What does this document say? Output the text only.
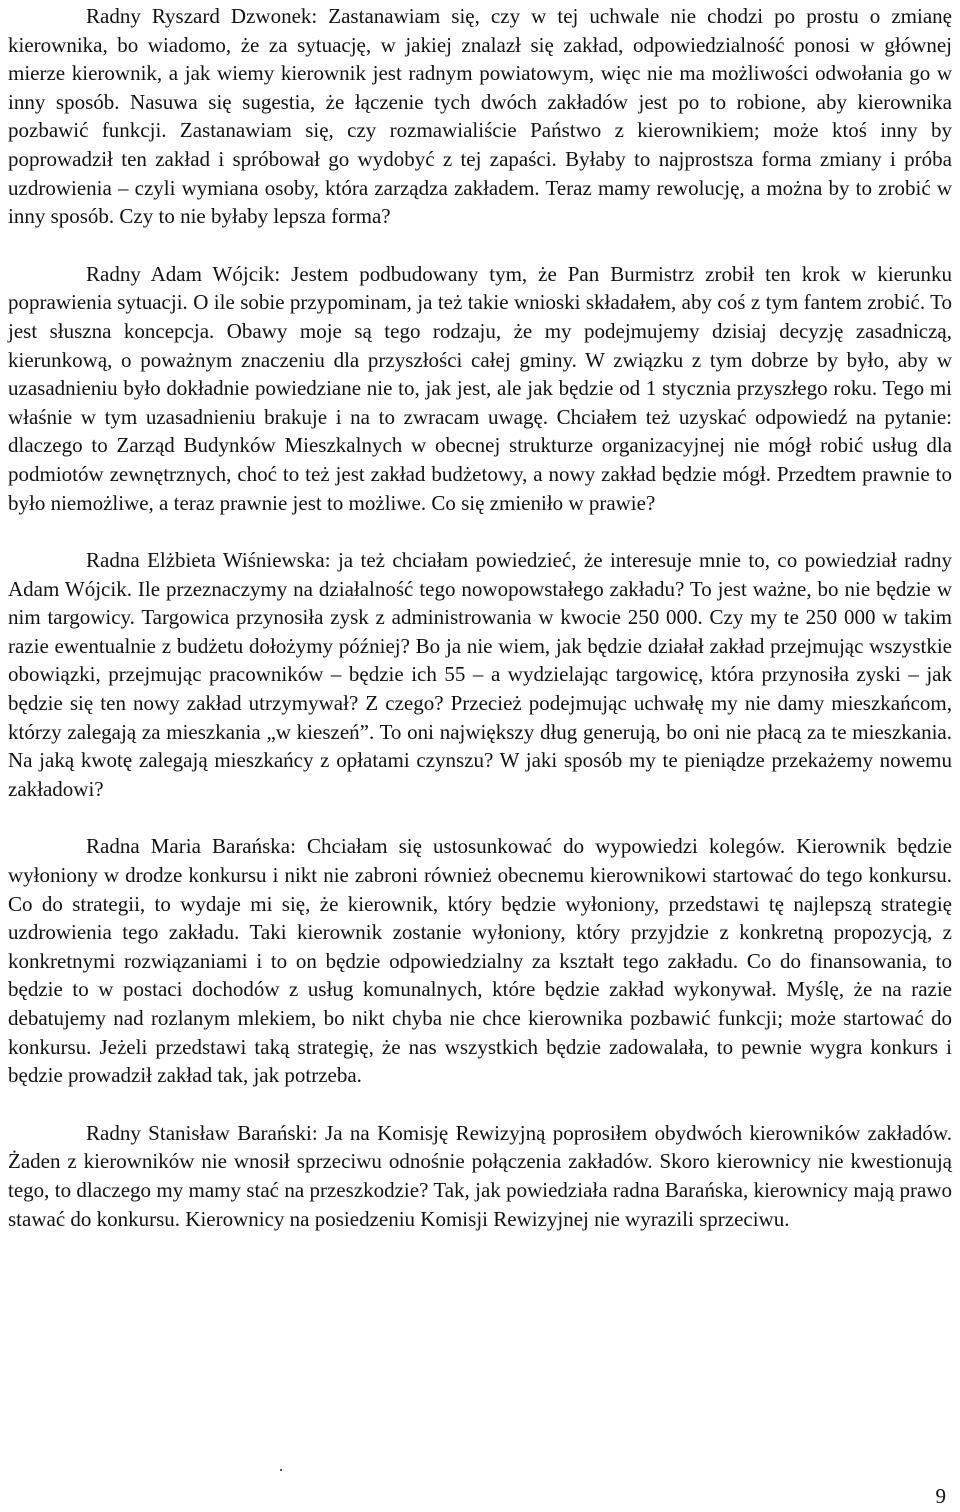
Radny Ryszard Dzwonek: Zastanawiam się, czy w tej uchwale nie chodzi po prostu o zmianę kierownika, bo wiadomo, że za sytuację, w jakiej znalazł się zakład, odpowiedzialność ponosi w głównej mierze kierownik, a jak wiemy kierownik jest radnym powiatowym, więc nie ma możliwości odwołania go w inny sposób. Nasuwa się sugestia, że łączenie tych dwóch zakładów jest po to robione, aby kierownika pozbawić funkcji. Zastanawiam się, czy rozmawialiście Państwo z kierownikiem; może ktoś inny by poprowadził ten zakład i spróbował go wydobyć z tej zapaści. Byłaby to najprostsza forma zmiany i próba uzdrowienia – czyli wymiana osoby, która zarządza zakładem. Teraz mamy rewolucję, a można by to zrobić w inny sposób. Czy to nie byłaby lepsza forma?

Radny Adam Wójcik: Jestem podbudowany tym, że Pan Burmistrz zrobił ten krok w kierunku poprawienia sytuacji. O ile sobie przypominam, ja też takie wnioski składałem, aby coś z tym fantem zrobić. To jest słuszna koncepcja. Obawy moje są tego rodzaju, że my podejmujemy dzisiaj decyzję zasadniczą, kierunkową, o poważnym znaczeniu dla przyszłości całej gminy. W związku z tym dobrze by było, aby w uzasadnieniu było dokładnie powiedziane nie to, jak jest, ale jak będzie od 1 stycznia przyszłego roku. Tego mi właśnie w tym uzasadnieniu brakuje i na to zwracam uwagę. Chciałem też uzyskać odpowiedź na pytanie: dlaczego to Zarząd Budynków Mieszkalnych w obecnej strukturze organizacyjnej nie mógł robić usług dla podmiotów zewnętrznych, choć to też jest zakład budżetowy, a nowy zakład będzie mógł. Przedtem prawnie to było niemożliwe, a teraz prawnie jest to możliwe. Co się zmieniło w prawie?

Radna Elżbieta Wiśniewska: ja też chciałam powiedzieć, że interesuje mnie to, co powiedział radny Adam Wójcik. Ile przeznaczymy na działalność tego nowopowstałego zakładu? To jest ważne, bo nie będzie w nim targowicy. Targowica przynosiła zysk z administrowania w kwocie 250 000. Czy my te 250 000 w takim razie ewentualnie z budżetu dołożymy później? Bo ja nie wiem, jak będzie działał zakład przejmując wszystkie obowiązki, przejmując pracowników – będzie ich 55 – a wydzielając targowicę, która przynosiła zyski – jak będzie się ten nowy zakład utrzymywał? Z czego? Przecież podejmując uchwałę my nie damy mieszkańcom, którzy zalegają za mieszkania „w kieszeń”. To oni największy dług generują, bo oni nie płacą za te mieszkania. Na jaką kwotę zalegają mieszkańcy z opłatami czynszu? W jaki sposób my te pieniądze przekażemy nowemu zakładowi?

Radna Maria Barańska: Chciałam się ustosunkować do wypowiedzi kolegów. Kierownik będzie wyłoniony w drodze konkursu i nikt nie zabroni również obecnemu kierownikowi startować do tego konkursu. Co do strategii, to wydaje mi się, że kierownik, który będzie wyłoniony, przedstawi tę najlepszą strategię uzdrowienia tego zakładu. Taki kierownik zostanie wyłoniony, który przyjdzie z konkretną propozycją, z konkretnymi rozwiązaniami i to on będzie odpowiedzialny za kształt tego zakładu. Co do finansowania, to będzie to w postaci dochodów z usług komunalnych, które będzie zakład wykonywał. Myślę, że na razie debatujemy nad rozlanym mlekiem, bo nikt chyba nie chce kierownika pozbawić funkcji; może startować do konkursu. Jeżeli przedstawi taką strategię, że nas wszystkich będzie zadowalała, to pewnie wygra konkurs i będzie prowadził zakład tak, jak potrzeba.

Radny Stanisław Barański: Ja na Komisję Rewizyjną poprosiłem obydwóch kierowników zakładów. Żaden z kierowników nie wnosił sprzeciwu odnośnie połączenia zakładów. Skoro kierownicy nie kwestionują tego, to dlaczego my mamy stać na przeszkodzie? Tak, jak powiedziała radna Barańska, kierownicy mają prawo stawać do konkursu. Kierownicy na posiedzeniu Komisji Rewizyjnej nie wyrazili sprzeciwu.

·
9
